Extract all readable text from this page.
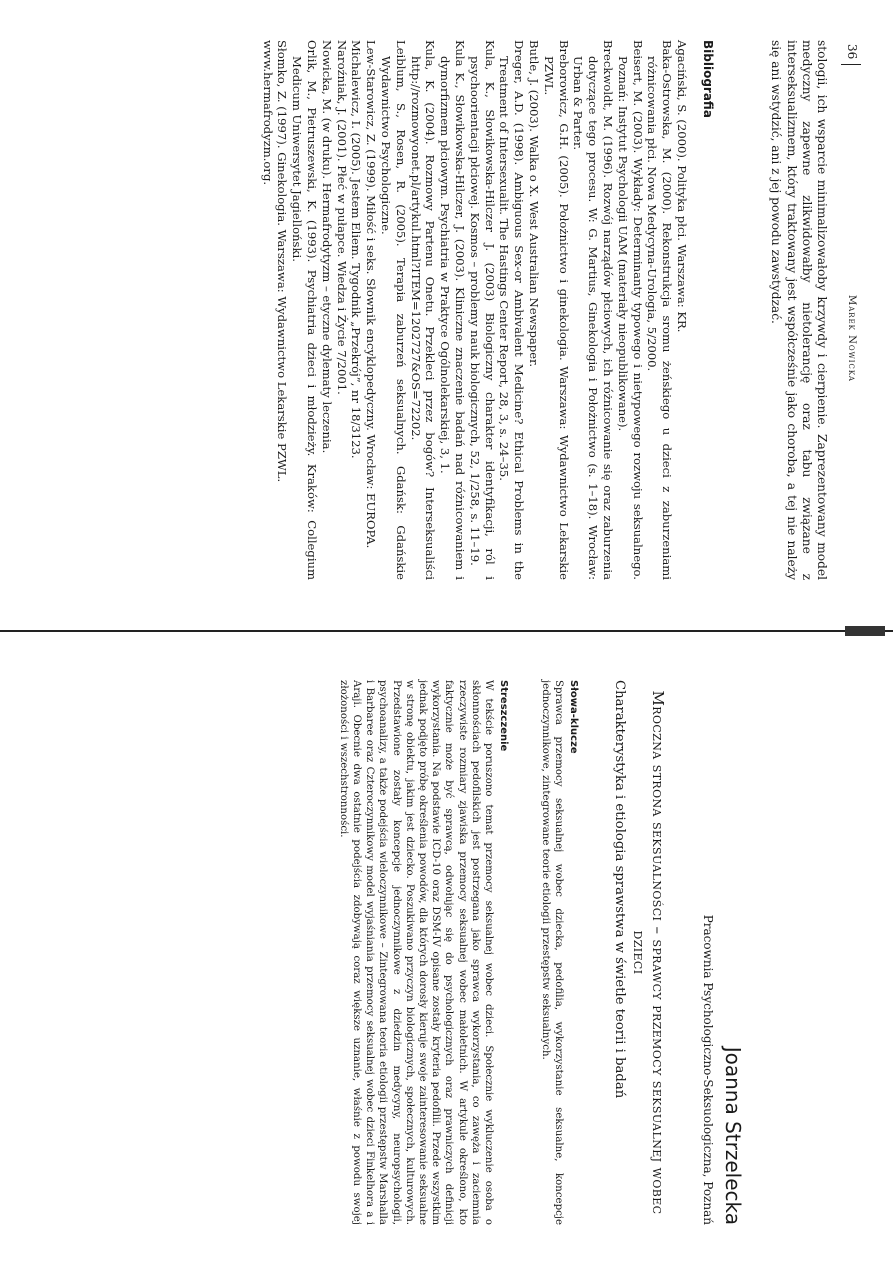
36
Marek Nowicka
stologii, ich wsparcie minimalizowałoby krzywdy i cierpienie. Zaprezentowany model medyczny zapewne zlikwidowałby nietolerancję oraz tabu związane z interseksualizmem, który traktowany jest współcześnie jako choroba, a tej nie należy się ani wstydzić, ani z jej powodu zawstydzać.
Bibliografia

Agaciński, S. (2000). Polityka płci. Warszawa: KR.

Baka-Ostrowska, M. (2000). Rekonstrukcja sromu żeńskiego u dzieci z zaburzeniami różnicowania płci. Nowa Medycyna-Urologia, 5/2000.

Beisert, M. (2003). Wykłady: Determinanty typowego i nietypowego rozwoju seksualnego. Poznań: Instytut Psychologii UAM (materiały nieopublikowane).

Breckwoldt, M. (1996). Rozwój narządów płciowych, ich różnicowanie się oraz zaburzenia dotyczące tego procesu. W: G. Martius, Ginekologia i Położnictwo (s. 1–18). Wrocław: Urban & Parter.

Breborowicz, G.H. (2005). Położnictwo i ginekologia. Warszawa: Wydawnictwo Lekarskie PZWL.

Butle, J. (2003). Walka o X. West Australian Newspaper.

Dreger, A.D. (1998). Ambiguous Sex-or Ambivalent Medicine? Ethical Problems in the Treatment of Intersexualit. The Hastings Center Report, 28, 3, s. 24–35.

Kula, K., Słowikowska-Hilczer J. (2003) Biologiczny charakter identyfikacji, ról i psychoorientacji płciowej. Kosmos – problemy nauk biologicznych, 52, 1/258, s. 11–19.

Kula K., Słowikowska-Hilczer, J. (2003). Kliniczne znaczenie badań nad różnicowaniem i dymorfizmem płciowym. Psychiatria w Praktyce Ogólnolekarskiej, 3, 1.

Kula, K. (2004). Rozmowy Partenu Onetu. Przekleci przez bogów? Interseksualiści http://rozmowyonet.pl/artykul.html?ITEM=1202727&OS=72202.

Leiblum, S., Rosen, R. (2005). Terapia zaburzeń seksualnych. Gdańsk: Gdańskie Wydawnictwo Psychologiczne.

Lew-Starowicz, Z. (1999). Miłość i seks. Słownik encyklopedyczny. Wrocław: EUROPA.

Michalewicz, I. (2005). Jestem Eliem. Tygodnik „Przekrój”, nr 18/3123.

Naroźniak, J. (2001). Płeć w pułapce. Wiedza i Życie 7/2001.

Nowicka, M. (w druku). Hermafrodytyzm – etyczne dylematy leczenia.

Orlik, M., Pietruszewski, K. (1993). Psychiatria dzieci i młodzieży. Kraków: Collegium Medicum Uniwersytet Jagielloński.

Słomko, Z. (1997). Ginekologia. Warszawa: Wydawnictwo Lekarskie PZWL.

www.hermafrodyzm.org.

Joanna Strzelecka
Pracownia Psychologiczno-Seksuologiczna, Poznań
Mroczna strona seksualności – sprawcy przemocy seksualnej wobec dzieci
Charakterystyka i etiologia sprawstwa w świetle teorii i badań
Słowa-klucze
Sprawca przemocy seksualnej wobec dziecka, pedofilia, wykorzystanie seksualne, koncepcje jednoczynnikowe, zintegrowane teorie etiologii przestępstw seksualnych.
Streszczenie
W tekście poruszono temat przemocy seksualnej wobec dzieci. Społecznie wykluczenie osoba o skłonnościach pedofilskich jest postrzegana jako sprawca wykorzystania, co zawęża i zaciemnia rzeczywiste rozmiary zjawiska przemocy seksualnej wobec małoletnich. W artykule określono, kto faktycznie może być sprawcą, odwołując się do psychologicznych oraz prawniczych definicji wykorzystania. Na podstawie ICD-10 oraz DSM-IV opisane zostały kryteria pedofilii. Przede wszystkim jednak podjęto próbę określenia powodów, dla których dorosły kieruje swoje zainteresowanie seksualne w stronę obiektu, jakim jest dziecko. Poszukiwano przyczyn biologicznych, społecznych, kulturowych. Przedstawione zostały koncepcje jednoczynnikowe z dziedzin medycyny, neuropsychologii, psychoanalizy, a także podejścia wieloczynnikowe – Zintegrowana teoria etiologii przestępstw Marshalla i Barbaree oraz Czteroczynnikowy model wyjaśniania przemocy seksualnej wobec dzieci Finkelhora a i Araji. Obecnie dwa ostatnie podejścia zdobywają coraz większe uznanie, właśnie z powodu swojej złożoności i wszechstronności.
